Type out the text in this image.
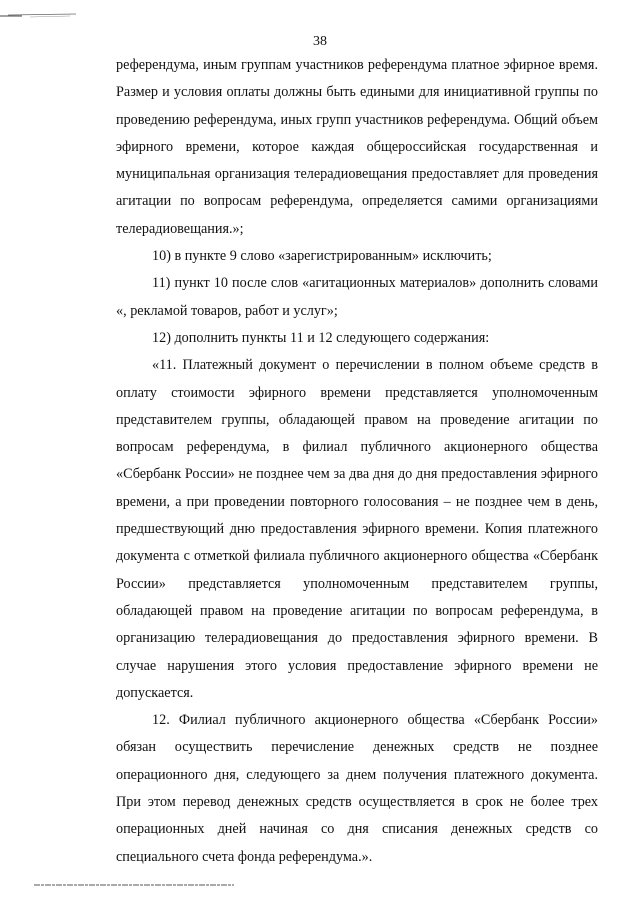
38

референдума, иным группам участников референдума платное эфирное время. Размер и условия оплаты должны быть едиными для инициативной группы по проведению референдума, иных групп участников референдума. Общий объем эфирного времени, которое каждая общероссийская государственная и муниципальная организация телерадиовещания предоставляет для проведения агитации по вопросам референдума, определяется самими организациями телерадиовещания.»;

10) в пункте 9 слово «зарегистрированным» исключить;

11) пункт 10 после слов «агитационных материалов» дополнить словами «, рекламой товаров, работ и услуг»;

12) дополнить пункты 11 и 12 следующего содержания:

«11. Платежный документ о перечислении в полном объеме средств в оплату стоимости эфирного времени представляется уполномоченным представителем группы, обладающей правом на проведение агитации по вопросам референдума, в филиал публичного акционерного общества «Сбербанк России» не позднее чем за два дня до дня предоставления эфирного времени, а при проведении повторного голосования – не позднее чем в день, предшествующий дню предоставления эфирного времени. Копия платежного документа с отметкой филиала публичного акционерного общества «Сбербанк России» представляется уполномоченным представителем группы, обладающей правом на проведение агитации по вопросам референдума, в организацию телерадиовещания до предоставления эфирного времени. В случае нарушения этого условия предоставление эфирного времени не допускается.

12. Филиал публичного акционерного общества «Сбербанк России» обязан осуществить перечисление денежных средств не позднее операционного дня, следующего за днем получения платежного документа. При этом перевод денежных средств осуществляется в срок не более трех операционных дней начиная со дня списания денежных средств со специального счета фонда референдума.».
